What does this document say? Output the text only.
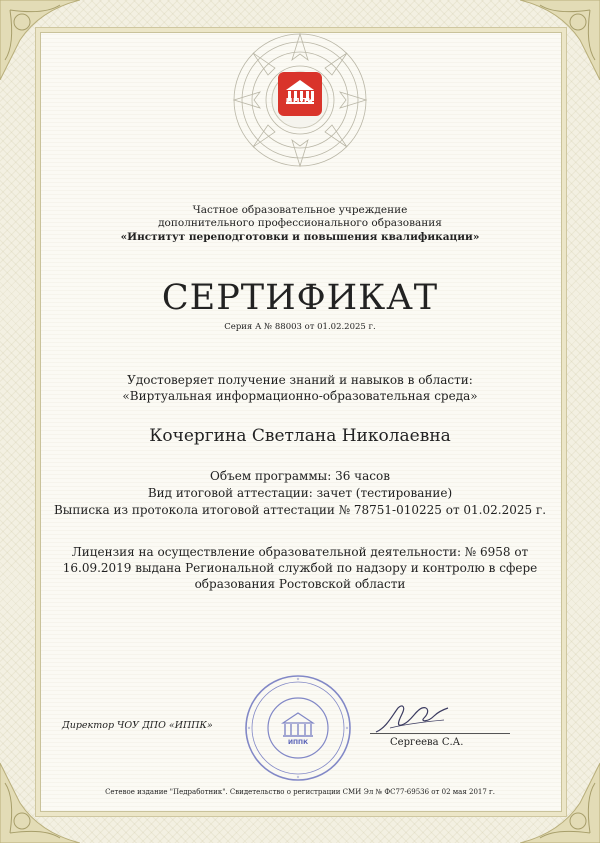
ИППК
Частное образовательное учреждение
дополнительного профессионального образования
«Институт переподготовки и повышения квалификации»
СЕРТИФИКАТ
Серия А № 88003 от 01.02.2025 г.
Удостоверяет получение знаний и навыков в области:
«Виртуальная информационно-образовательная среда»
Кочергина Светлана Николаевна
Объем программы: 36 часов
Вид итоговой аттестации: зачет (тестирование)
Выписка из протокола итоговой аттестации № 78751-010225 от 01.02.2025 г.
Лицензия на осуществление образовательной деятельности: № 6958 от
16.09.2019 выдана Региональной службой по надзору и контролю в сфере
образования Ростовской области
ИППК
Директор ЧОУ ДПО «ИППК»
Сергеева С.А.
Сетевое издание "Педработник". Свидетельство о регистрации СМИ Эл № ФС77-69536 от 02 мая 2017 г.
